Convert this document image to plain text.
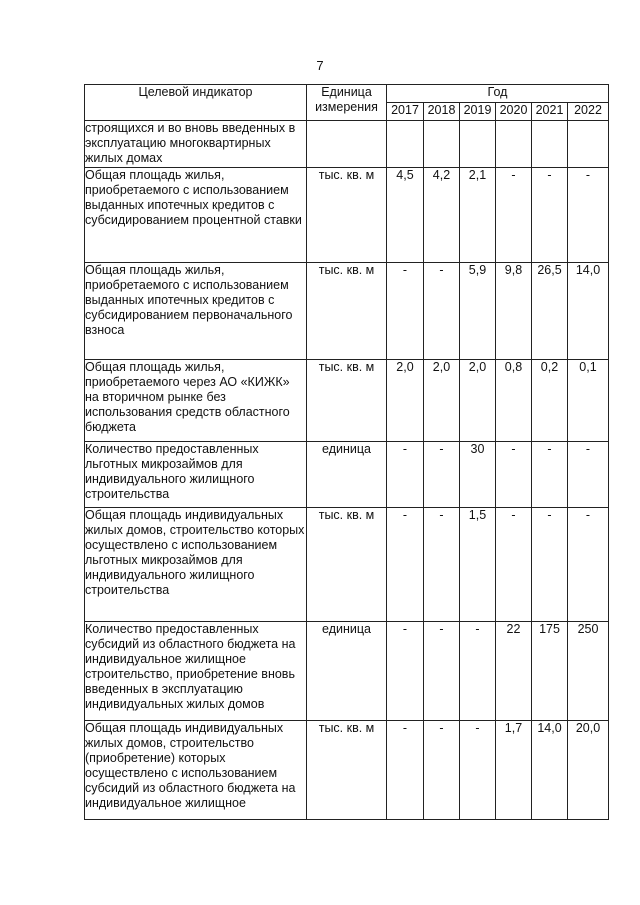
7
Целевой индикатор	Единица измерения	Год					
		2017	2018	2019	2020	2021	2022
строящихся и во вновь введенных в эксплуатацию многоквартирных жилых домах							
Общая площадь жилья, приобретаемого с использованием выданных ипотечных кредитов с субсидированием процентной ставки	тыс. кв. м	4,5	4,2	2,1	-	-	-
Общая площадь жилья, приобретаемого с использованием выданных ипотечных кредитов с субсидированием первоначального взноса	тыс. кв. м	-	-	5,9	9,8	26,5	14,0
Общая площадь жилья, приобретаемого через АО «КИЖК» на вторичном рынке без использования средств областного бюджета	тыс. кв. м	2,0	2,0	2,0	0,8	0,2	0,1
Количество предоставленных льготных микрозаймов для индивидуального жилищного строительства	единица	-	-	30	-	-	-
Общая площадь индивидуальных жилых домов, строительство которых осуществлено с использованием льготных микрозаймов для индивидуального жилищного строительства	тыс. кв. м	-	-	1,5	-	-	-
Количество предоставленных субсидий из областного бюджета на индивидуальное жилищное строительство, приобретение вновь введенных в эксплуатацию индивидуальных жилых домов	единица	-	-	-	22	175	250
Общая площадь индивидуальных жилых домов, строительство (приобретение) которых осуществлено с использованием субсидий из областного бюджета на индивидуальное жилищное	тыс. кв. м	-	-	-	1,7	14,0	20,0
